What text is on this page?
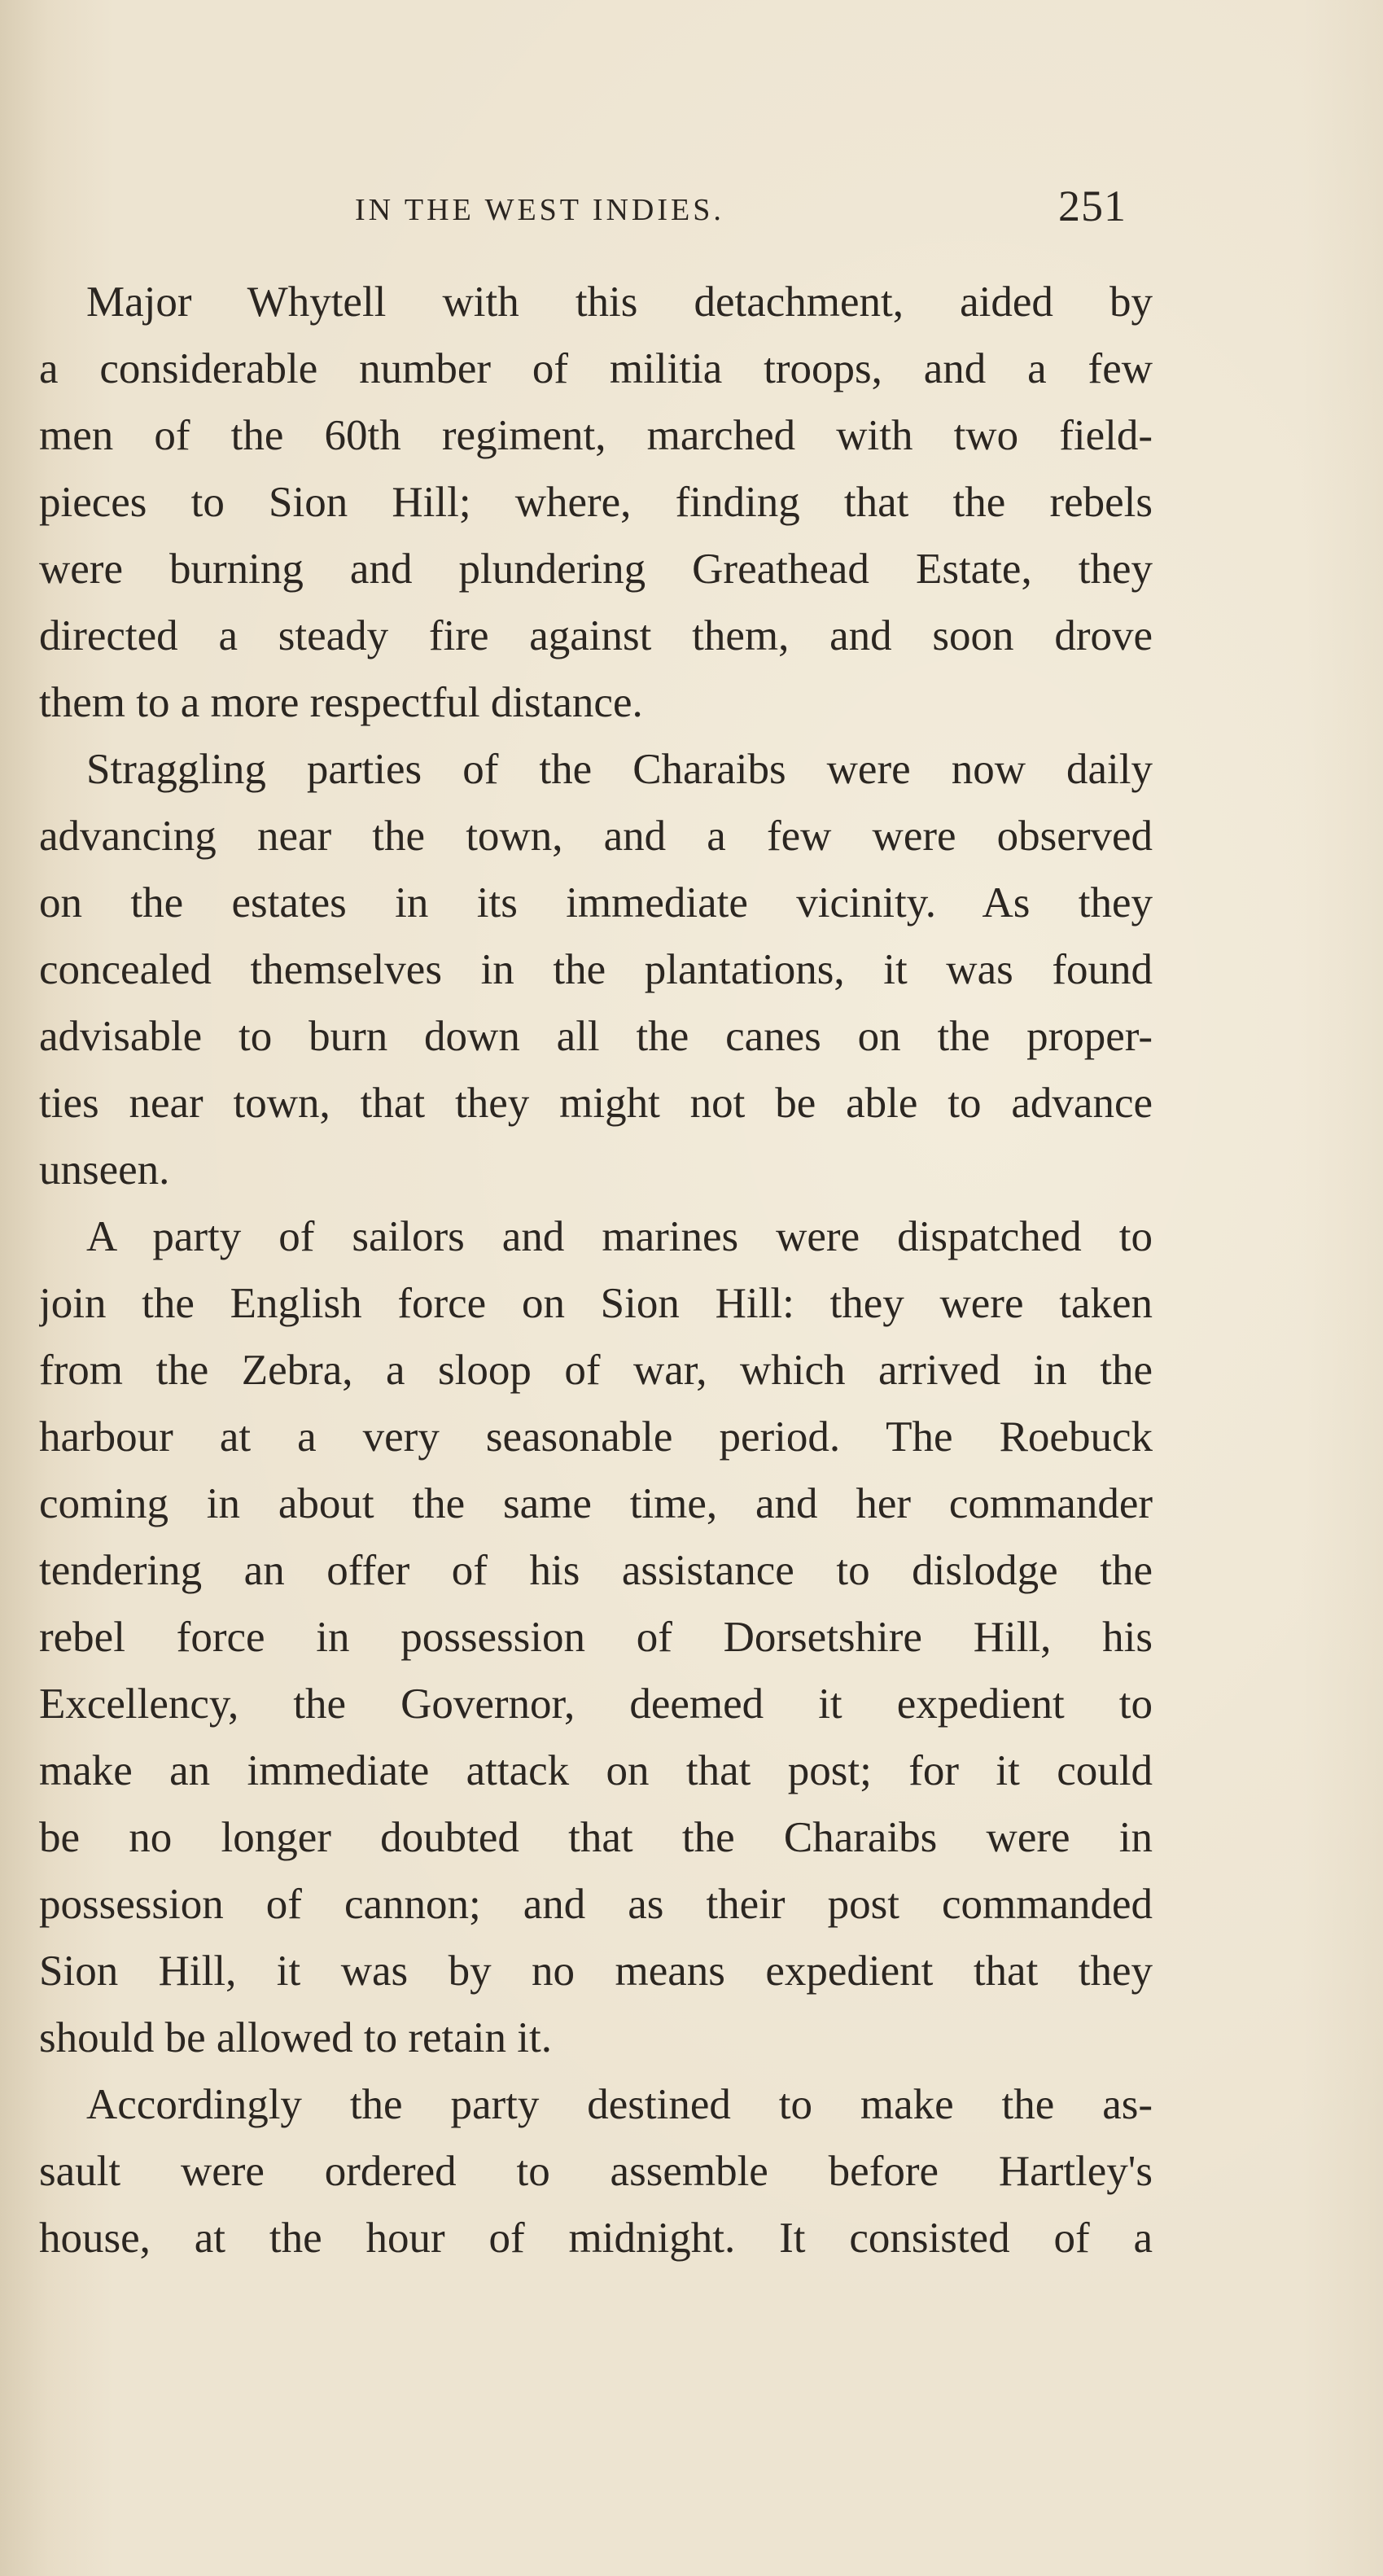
IN THE WEST INDIES.	251
Major Whytell with this detachment, aided by
a considerable number of militia troops, and a few
men of the 60th regiment, marched with two field-
pieces to Sion Hill; where, finding that the rebels
were burning and plundering Greathead Estate, they
directed a steady fire against them, and soon drove
them to a more respectful distance.
Straggling parties of the Charaibs were now daily
advancing near the town, and a few were observed
on the estates in its immediate vicinity. As they
concealed themselves in the plantations, it was found
advisable to burn down all the canes on the proper-
ties near town, that they might not be able to advance
unseen.
A party of sailors and marines were dispatched to
join the English force on Sion Hill: they were taken
from the Zebra, a sloop of war, which arrived in the
harbour at a very seasonable period. The Roebuck
coming in about the same time, and her commander
tendering an offer of his assistance to dislodge the
rebel force in possession of Dorsetshire Hill, his
Excellency, the Governor, deemed it expedient to
make an immediate attack on that post; for it could
be no longer doubted that the Charaibs were in
possession of cannon; and as their post commanded
Sion Hill, it was by no means expedient that they
should be allowed to retain it.
Accordingly the party destined to make the as-
sault were ordered to assemble before Hartley's
house, at the hour of midnight. It consisted of a
